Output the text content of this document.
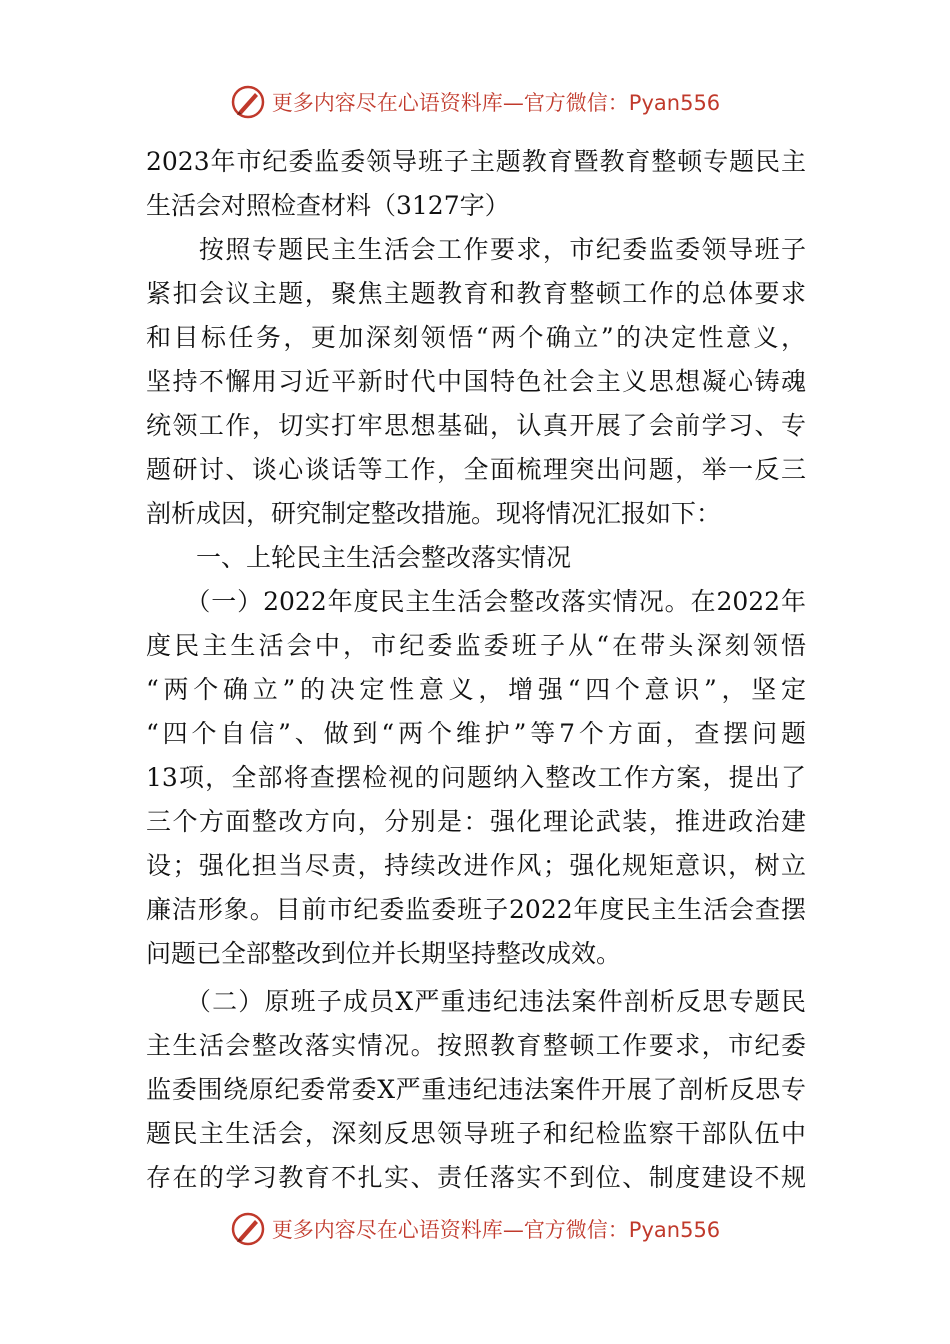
更多内容尽在心语资料库—官方微信：Pyan556
2023年市纪委监委领导班子主题教育暨教育整顿专题民主
生活会对照检查材料（3127字）
　　按照专题民主生活会工作要求，市纪委监委领导班子
紧扣会议主题，聚焦主题教育和教育整顿工作的总体要求
和目标任务，更加深刻领悟“两个确立”的决定性意义，
坚持不懈用习近平新时代中国特色社会主义思想凝心铸魂
统领工作，切实打牢思想基础，认真开展了会前学习、专
题研讨、谈心谈话等工作，全面梳理突出问题，举一反三
剖析成因，研究制定整改措施。现将情况汇报如下：
　　一、上轮民主生活会整改落实情况
　　（一）2022年度民主生活会整改落实情况。在2022年
度民主生活会中，市纪委监委班子从“在带头深刻领悟
“两个确立”的决定性意义，增强“四个意识”，坚定
“四个自信”、做到“两个维护”等7个方面，查摆问题
13项，全部将查摆检视的问题纳入整改工作方案，提出了
三个方面整改方向，分别是：强化理论武装，推进政治建
设；强化担当尽责，持续改进作风；强化规矩意识，树立
廉洁形象。目前市纪委监委班子2022年度民主生活会查摆
问题已全部整改到位并长期坚持整改成效。
　　（二）原班子成员X严重违纪违法案件剖析反思专题民
主生活会整改落实情况。按照教育整顿工作要求，市纪委
监委围绕原纪委常委X严重违纪违法案件开展了剖析反思专
题民主生活会，深刻反思领导班子和纪检监察干部队伍中
存在的学习教育不扎实、责任落实不到位、制度建设不规
更多内容尽在心语资料库—官方微信：Pyan556
